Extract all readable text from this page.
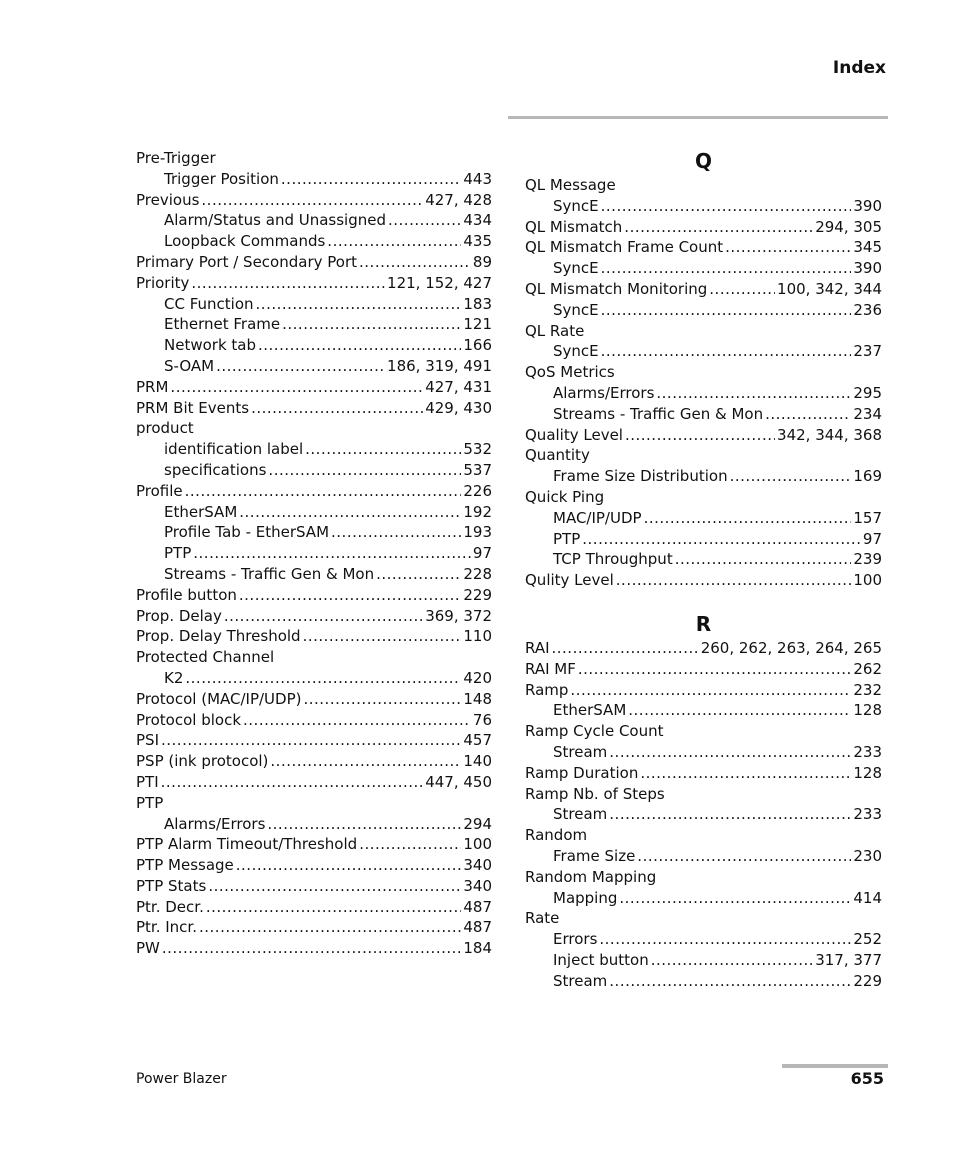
Index
Pre-Trigger
Trigger Position .....	443
Previous .....	427, 428
Alarm/Status and Unassigned .....	434
Loopback Commands .....	435
Primary Port / Secondary Port .....	89
Priority .....	121, 152, 427
CC Function .....	183
Ethernet Frame .....	121
Network tab .....	166
S-OAM .....	186, 319, 491
PRM .....	427, 431
PRM Bit Events .....	429, 430
product
identification label .....	532
specifications .....	537
Profile .....	226
EtherSAM .....	192
Profile Tab - EtherSAM .....	193
PTP .....	97
Streams - Traffic Gen & Mon .....	228
Profile button .....	229
Prop. Delay .....	369, 372
Prop. Delay Threshold .....	110
Protected Channel
K2 .....	420
Protocol (MAC/IP/UDP) .....	148
Protocol block .....	76
PSI .....	457
PSP (ink protocol) .....	140
PTI .....	447, 450
PTP
Alarms/Errors .....	294
PTP Alarm Timeout/Threshold .....	100
PTP Message .....	340
PTP Stats .....	340
Ptr. Decr. .....	487
Ptr. Incr. .....	487
PW .....	184
Q
QL Message
SyncE .....	390
QL Mismatch .....	294, 305
QL Mismatch Frame Count .....	345
SyncE .....	390
QL Mismatch Monitoring .....	100, 342, 344
SyncE .....	236
QL Rate
SyncE .....	237
QoS Metrics
Alarms/Errors .....	295
Streams - Traffic Gen & Mon .....	234
Quality Level .....	342, 344, 368
Quantity
Frame Size Distribution .....	169
Quick Ping
MAC/IP/UDP .....	157
PTP .....	97
TCP Throughput .....	239
Qulity Level .....	100
R
RAI .....	260, 262, 263, 264, 265
RAI MF .....	262
Ramp .....	232
EtherSAM .....	128
Ramp Cycle Count
Stream .....	233
Ramp Duration .....	128
Ramp Nb. of Steps
Stream .....	233
Random
Frame Size .....	230
Random Mapping
Mapping .....	414
Rate
Errors .....	252
Inject button .....	317, 377
Stream .....	229
Power Blazer	655
